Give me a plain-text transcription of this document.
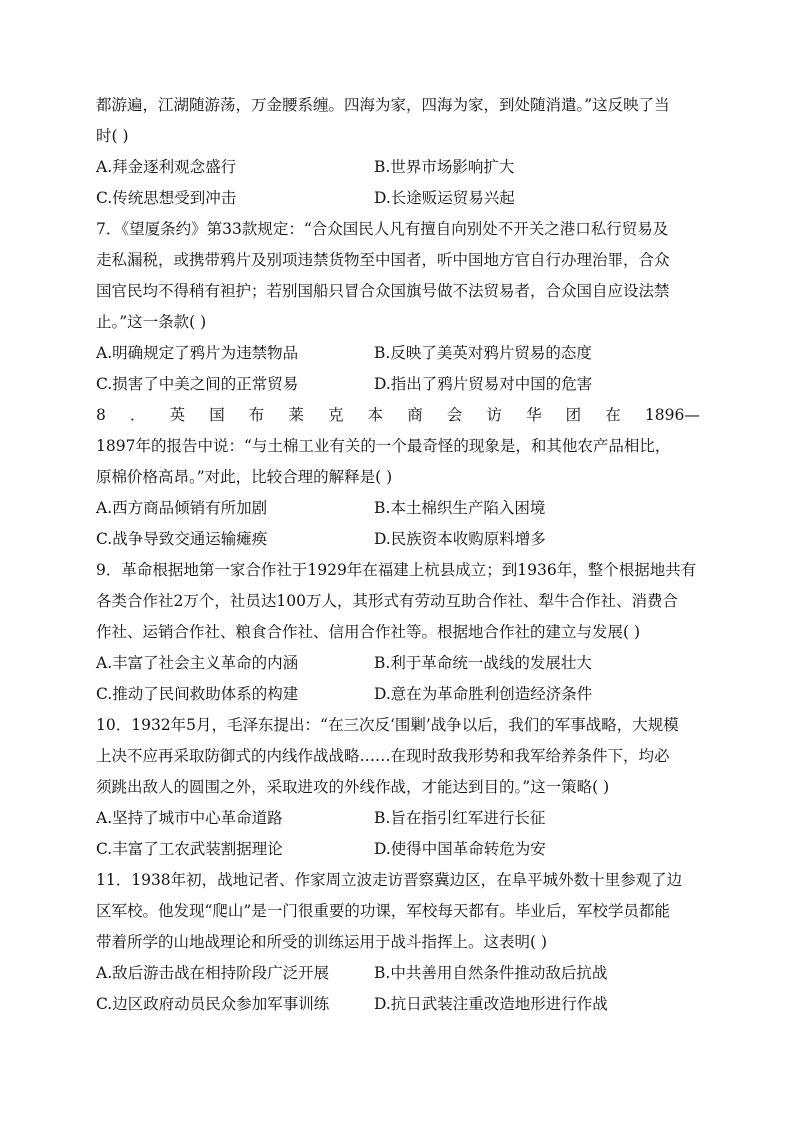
都游遍，江湖随游荡，万金腰系缠。四海为家，四海为家，到处随消遣。”这反映了当
时( )
A.拜金逐利观念盛行	B.世界市场影响扩大
C.传统思想受到冲击	D.长途贩运贸易兴起
7．《望厦条约》第33款规定：“合众国民人凡有擅自向别处不开关之港口私行贸易及
走私漏税，或携带鸦片及别项违禁货物至中国者，听中国地方官自行办理治罪，合众
国官民均不得稍有袒护；若别国船只冒合众国旗号做不法贸易者，合众国自应设法禁
止。”这一条款( )
A.明确规定了鸦片为违禁物品	B.反映了美英对鸦片贸易的态度
C.损害了中美之间的正常贸易	D.指出了鸦片贸易对中国的危害
8 ． 英 国 布 莱 克 本 商 会 访 华 团 在 1896—
1897年的报告中说：“与土棉工业有关的一个最奇怪的现象是，和其他农产品相比，
原棉价格高昂。”对此，比较合理的解释是( )
A.西方商品倾销有所加剧	B.本土棉织生产陷入困境
C.战争导致交通运输瘫痪	D.民族资本收购原料增多
9．革命根据地第一家合作社于1929年在福建上杭县成立；到1936年，整个根据地共有
各类合作社2万个，社员达100万人，其形式有劳动互助合作社、犁牛合作社、消费合
作社、运销合作社、粮食合作社、信用合作社等。根据地合作社的建立与发展( )
A.丰富了社会主义革命的内涵	B.利于革命统一战线的发展壮大
C.推动了民间救助体系的构建	D.意在为革命胜利创造经济条件
10．1932年5月，毛泽东提出：“在三次反‘围剿’战争以后，我们的军事战略，大规模
上决不应再采取防御式的内线作战战略……在现时敌我形势和我军给养条件下，均必
须跳出敌人的圆围之外，采取进攻的外线作战，才能达到目的。”这一策略( )
A.坚持了城市中心革命道路	B.旨在指引红军进行长征
C.丰富了工农武装割据理论	D.使得中国革命转危为安
11．1938年初，战地记者、作家周立波走访晋察冀边区，在阜平城外数十里参观了边
区军校。他发现“爬山”是一门很重要的功课，军校每天都有。毕业后，军校学员都能
带着所学的山地战理论和所受的训练运用于战斗指挥上。这表明( )
A.敌后游击战在相持阶段广泛开展	B.中共善用自然条件推动敌后抗战
C.边区政府动员民众参加军事训练	D.抗日武装注重改造地形进行作战
